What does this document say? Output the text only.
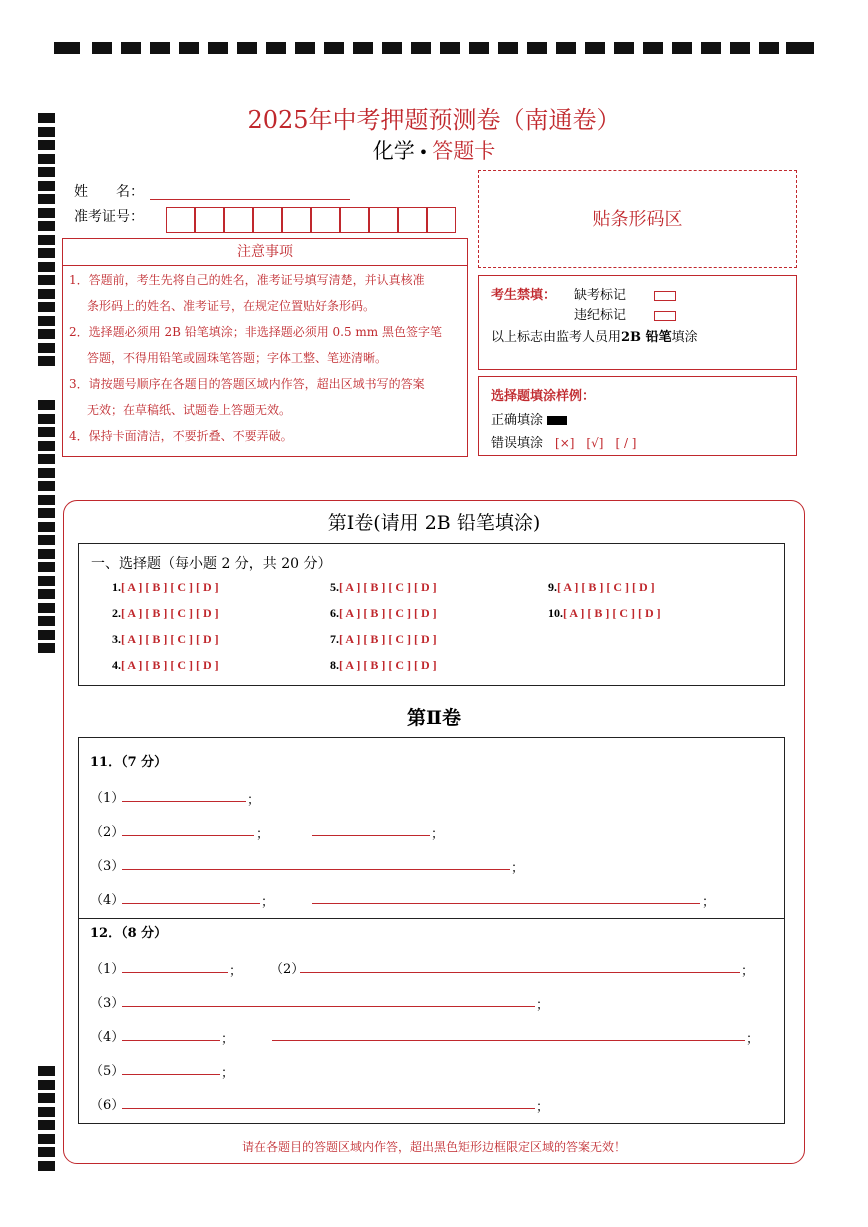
2025年中考押题预测卷（南通卷）
化学 • 答题卡
姓　　名：
准考证号：	贴条形码区
注意事项
1．答题前，考生先将自己的姓名，准考证号填写清楚，并认真核准
条形码上的姓名、准考证号，在规定位置贴好条形码。
2．选择题必须用 2B 铅笔填涂；非选择题必须用 0.5 mm 黑色签字笔
答题，不得用铅笔或圆珠笔答题；字体工整、笔迹清晰。
3．请按题号顺序在各题目的答题区域内作答，超出区域书写的答案
无效；在草稿纸、试题卷上答题无效。
4．保持卡面清洁，不要折叠、不要弄破。
考生禁填： 缺考标记
违纪标记
以上标志由监考人员用2B 铅笔填涂
选择题填涂样例：
正确填涂
错误填涂 [×]　[√]　[ / ]
第Ⅰ卷(请用 2B 铅笔填涂)
一、选择题（每小题 2 分，共 20 分）
1.[ A ] [ B ] [ C ] [ D ]
2.[ A ] [ B ] [ C ] [ D ]
3.[ A ] [ B ] [ C ] [ D ]
4.[ A ] [ B ] [ C ] [ D ]
5.[ A ] [ B ] [ C ] [ D ]
6.[ A ] [ B ] [ C ] [ D ]
7.[ A ] [ B ] [ C ] [ D ]
8.[ A ] [ B ] [ C ] [ D ]
9.[ A ] [ B ] [ C ] [ D ]
10.[ A ] [ B ] [ C ] [ D ]
第Ⅱ卷
11．（7 分）
（1）	；
（2）	；	；
（3）	；
（4）	；	；
12．（8 分）
（1）	； （2）	；
（3）	；
（4）	；	；
（5）	；
（6）	；
请在各题目的答题区域内作答，超出黑色矩形边框限定区域的答案无效！
